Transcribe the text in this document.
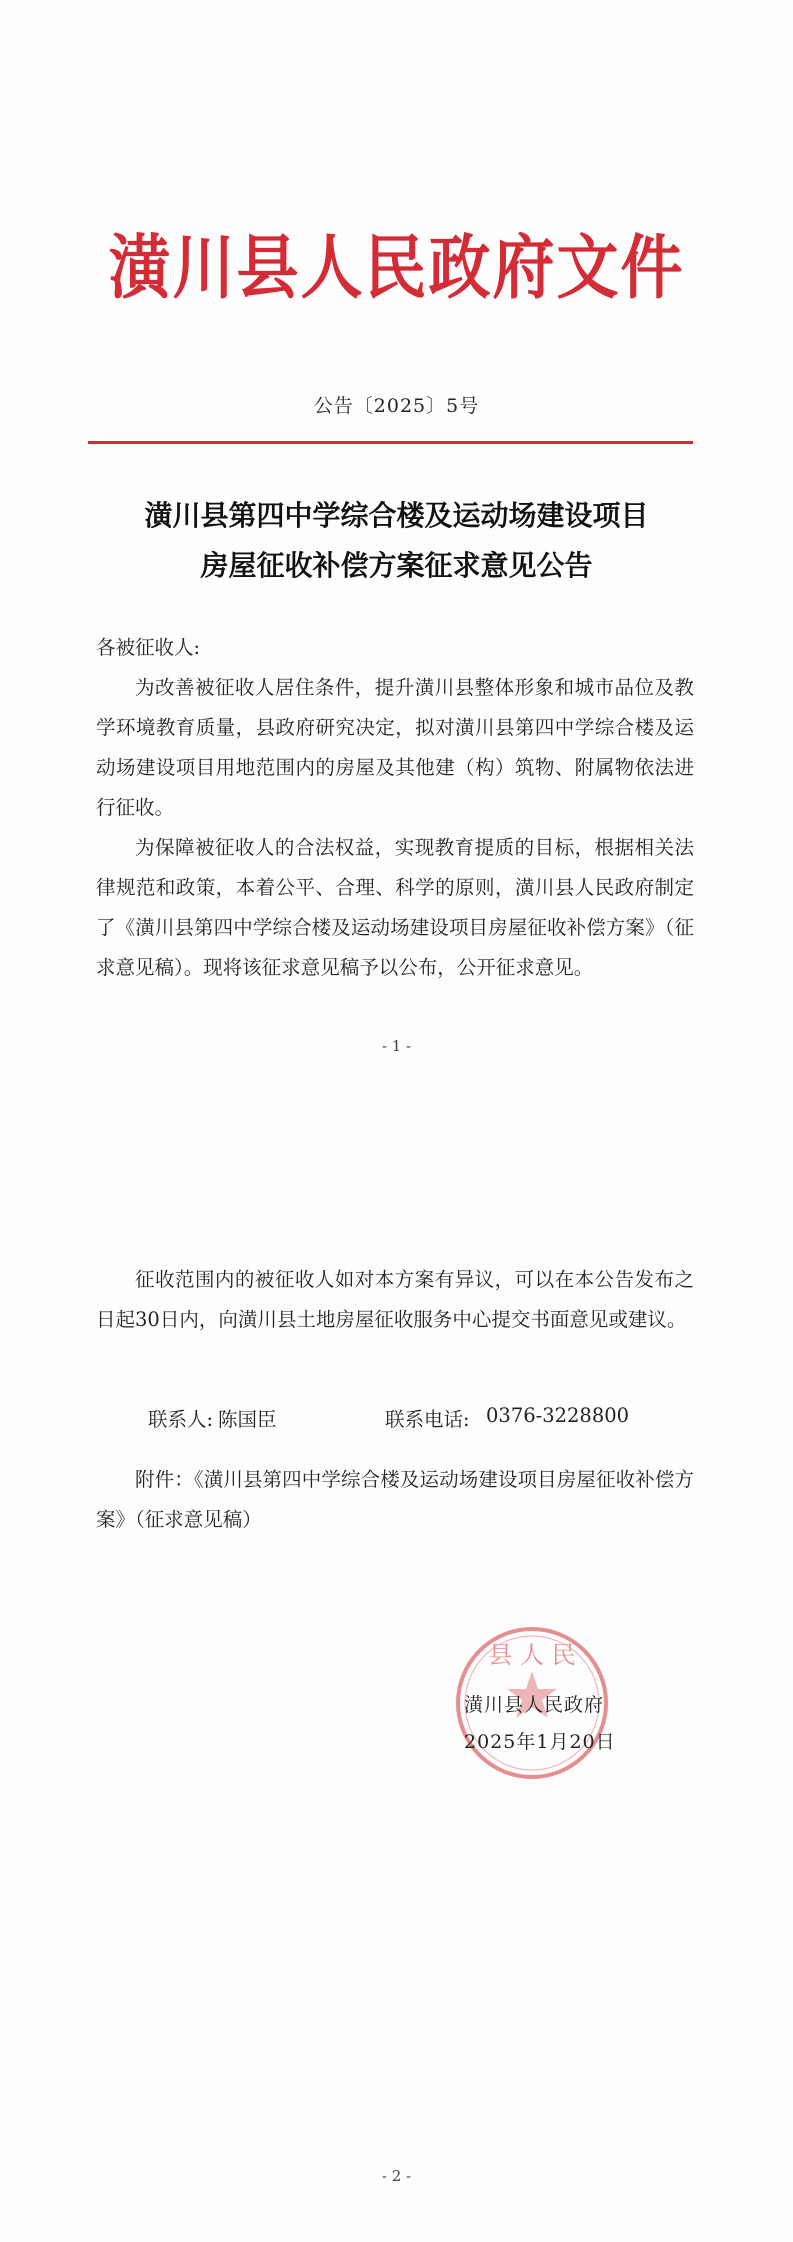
潢川县人民政府文件
公告〔2025〕5号
潢川县第四中学综合楼及运动场建设项目
房屋征收补偿方案征求意见公告

各被征收人:

为改善被征收人居住条件，提升潢川县整体形象和城市品位及教学环境教育质量，县政府研究决定，拟对潢川县第四中学综合楼及运动场建设项目用地范围内的房屋及其他建（构）筑物、附属物依法进行征收。

为保障被征收人的合法权益，实现教育提质的目标，根据相关法律规范和政策，本着公平、合理、科学的原则，潢川县人民政府制定了《潢川县第四中学综合楼及运动场建设项目房屋征收补偿方案》（征求意见稿）。现将该征求意见稿予以公布，公开征求意见。

- 1 -

征收范围内的被征收人如对本方案有异议，可以在本公告发布之日起30日内，向潢川县土地房屋征收服务中心提交书面意见或建议。

联系人: 陈国臣	联系电话: 0376-3228800

附件：《潢川县第四中学综合楼及运动场建设项目房屋征收补偿方案》（征求意见稿）

县 人 民
潢川县人民政府
2025年1月20日
- 2 -
